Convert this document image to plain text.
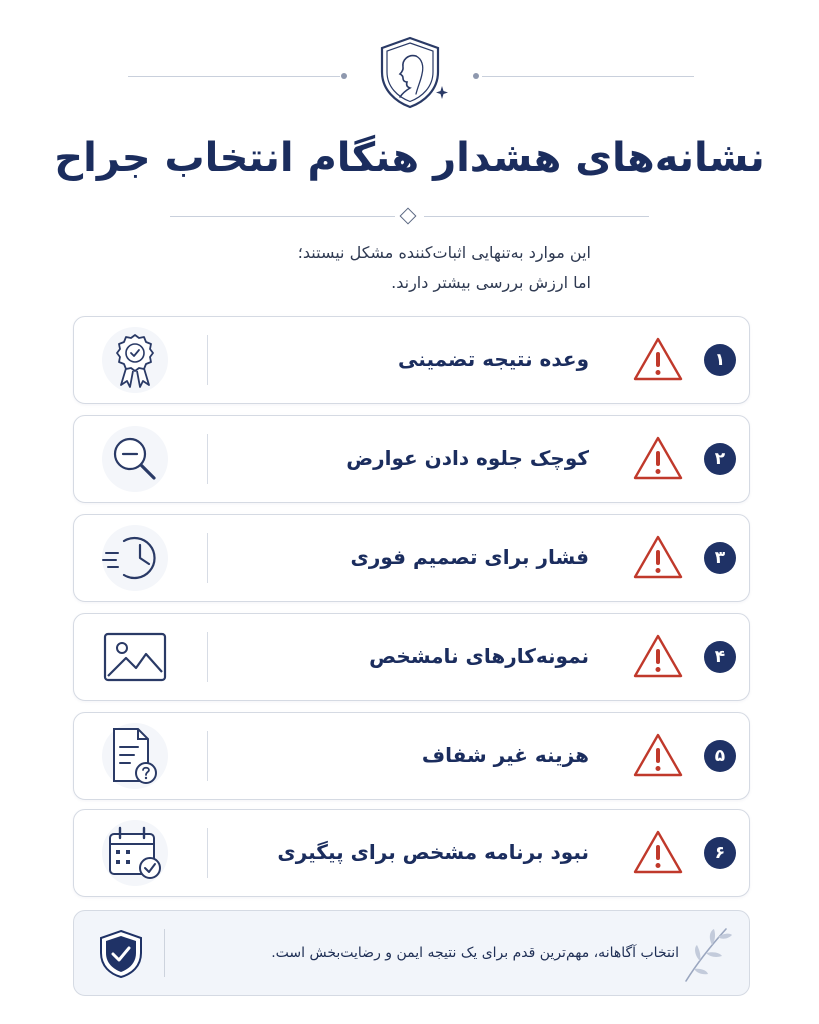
نشانه‌های هشدار هنگام انتخاب جراح
این موارد به‌تنهایی اثبات‌کننده مشکل نیستند؛
اما ارزش بررسی بیشتر دارند.
۱
وعده نتیجه تضمینی
۲
کوچک جلوه دادن عوارض
۳
فشار برای تصمیم فوری
۴
نمونه‌کارهای نامشخص
۵
هزینه غیر شفاف
۶
نبود برنامه مشخص برای پیگیری
انتخاب آگاهانه، مهم‌ترین قدم برای یک نتیجه ایمن و رضایت‌بخش است.
